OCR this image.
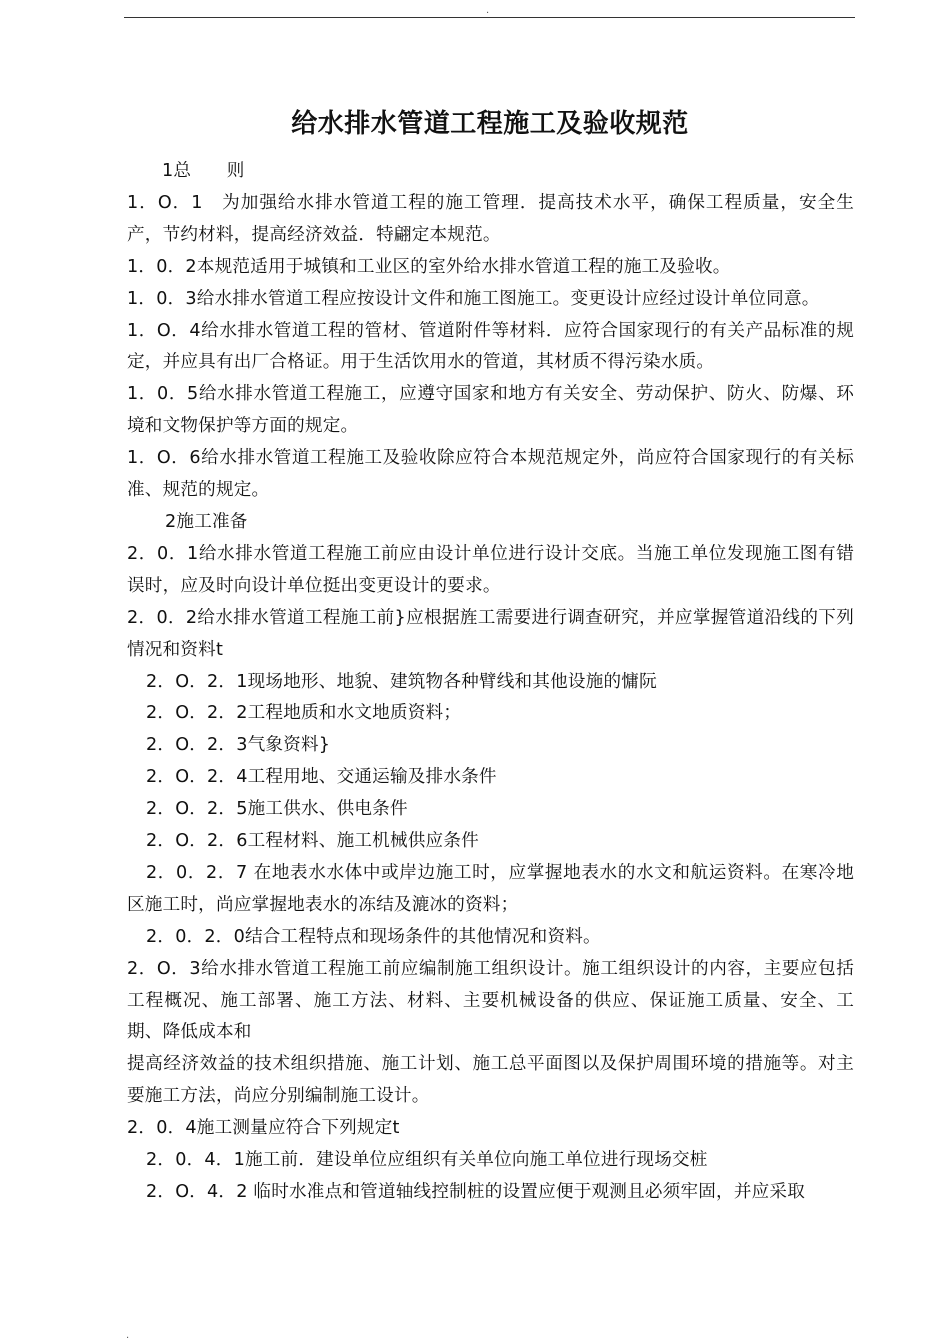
.
给水排水管道工程施工及验收规范

1总　　则

1．O．1　为加强给水排水管道工程的施工管理．提高技术水平，确保工程质量，安全生产，节约材料，提高经济效益．特翩定本规范。

1．0．2本规范适用于城镇和工业区的室外给水排水管道工程的施工及验收。

1．0．3给水排水管道工程应按设计文件和施工图施工。变更设计应经过设计单位同意。

1．O．4给水排水管道工程的管材、管道附件等材料．应符合国家现行的有关产品标准的规定，并应具有出厂合格证。用于生活饮用水的管道，其材质不得污染水质。

1．0．5给水排水管道工程施工，应遵守国家和地方有关安全、劳动保护、防火、防爆、环境和文物保护等方面的规定。

1．O．6给水排水管道工程施工及验收除应符合本规范规定外，尚应符合国家现行的有关标准、规范的规定。

2施工准备

2．0．1给水排水管道工程施工前应由设计单位进行设计交底。当施工单位发现施工图有错误时，应及时向设计单位挺出变更设计的要求。

2．0．2给水排水管道工程施工前}应根据旌工需要进行调查研究，并应掌握管道沿线的下列情况和资料t

2．O．2．1现场地形、地貌、建筑物各种臂线和其他设施的慵阮

2．O．2．2工程地质和水文地质资料；

2．O．2．3气象资料}

2．O．2．4工程用地、交通运输及排水条件

2．O．2．5施工供水、供电条件

2．O．2．6工程材料、施工机械供应条件

2．0．2．7 在地表水水体中或岸边施工时，应掌握地表水的水文和航运资料。在寒冷地区施工时，尚应掌握地表水的冻结及漉冰的资料；

2．0．2．0结合工程特点和现场条件的其他情况和资料。

2．O．3给水排水管道工程施工前应编制施工组织设计。施工组织设计的内容，主要应包括工程概况、施工部署、施工方法、材料、主要机械设备的供应、保证施工质量、安全、工期、降低成本和

提高经济效益的技术组织措施、施工计划、施工总平面图以及保护周围环境的措施等。对主要施工方法，尚应分别编制施工设计。

2．0．4施工测量应符合下列规定t

2．0．4．1施工前．建设单位应组织有关单位向施工单位进行现场交桩

2．O．4．2 临时水准点和管道轴线控制桩的设置应便于观测且必须牢固，并应采取

.
